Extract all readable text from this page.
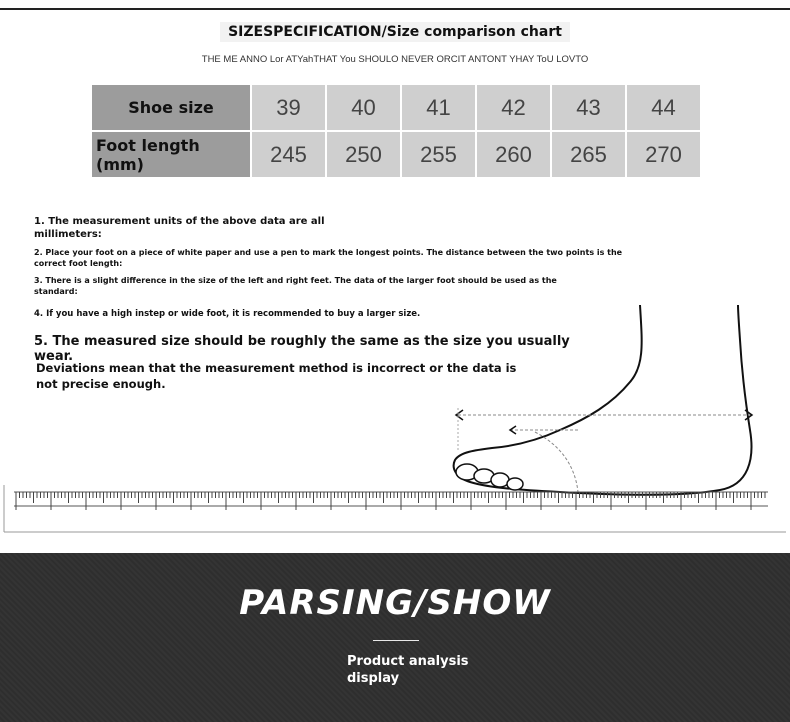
SIZESPECIFICATION/Size comparison chart
THE ME ANNO Lor ATYahTHAT You SHOULO NEVER ORCIT ANTONT YHAY ToU LOVTO
Shoe size	39	40	41	42	43	44
Foot length (mm)	245	250	255	260	265	270
1. The measurement units of the above data are all millimeters:
2. Place your foot on a piece of white paper and use a pen to mark the longest points. The distance between the two points is the correct foot length:
3. There is a slight difference in the size of the left and right feet. The data of the larger foot should be used as the standard:
4. If you have a high instep or wide foot, it is recommended to buy a larger size.
5. The measured size should be roughly the same as the size you usually wear.
Deviations mean that the measurement method is incorrect or the data is not precise enough.
PARSING/SHOW
Product analysis display
